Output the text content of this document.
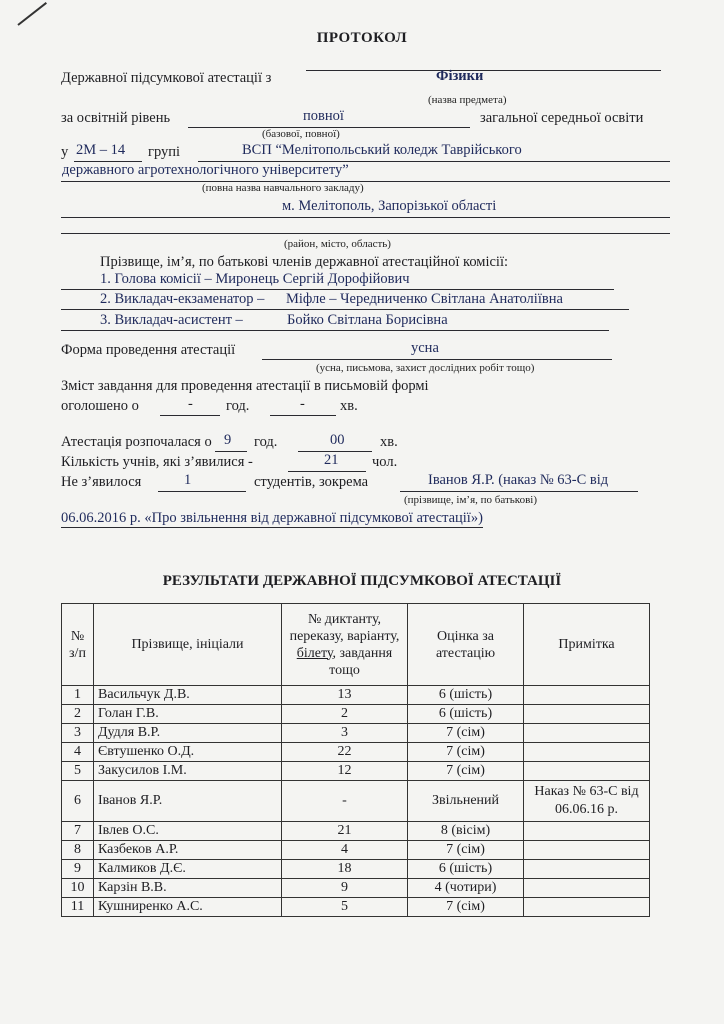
ПРОТОКОЛ
Державної підсумкової атестації з	Фізики
(назва предмета)
за освітній рівень	повної	загальної середньої освіти
(базової, повної)
у 2М – 14 групі	ВСП “Мелітопольський коледж Таврійського
державного агротехнологічного університету”
(повна назва навчального закладу)
м. Мелітополь, Запорізької області
(район, місто, область)
Прізвище, ім’я, по батькові членів державної атестаційної комісії:
1. Голова комісії – Миронець Сергій Дорофійович
2. Викладач-екзаменатор – Міфле – Чередниченко Світлана Анатоліївна
3. Викладач-асистент –	Бойко Світлана Борисівна
Форма проведення атестації	усна
(усна, письмова, захист дослідних робіт тощо)
Зміст завдання для проведення атестації в письмовій формі
оголошено о	- год.	- хв.
Атестація розпочалася о 9 год.	00 хв.
Кількість учнів, які з’явилися -	21 чол.
Не з’явилося	1	студентів, зокрема	Іванов Я.Р. (наказ № 63-С від
(прізвище, ім’я, по батькові)
06.06.2016 р. «Про звільнення від державної підсумкової атестації»)
РЕЗУЛЬТАТИ ДЕРЖАВНОЇ ПІДСУМКОВОЇ АТЕСТАЦІЇ
№ з/п	Прізвище, ініціали	№ диктанту, переказу, варіанту, білету, завдання тощо	Оцінка за атестацію	Примітка
1	Васильчук Д.В.	13	6 (шість)	
2	Голан Г.В.	2	6 (шість)	
3	Дудля В.Р.	3	7 (сім)	
4	Євтушенко О.Д.	22	7 (сім)	
5	Закусилов І.М.	12	7 (сім)	
6	Іванов Я.Р.	-	Звільнений	Наказ № 63-С від 06.06.16 р.
7	Івлев О.С.	21	8 (вісім)	
8	Казбеков А.Р.	4	7 (сім)	
9	Калмиков Д.Є.	18	6 (шість)	
10	Карзін В.В.	9	4 (чотири)	
11	Кушниренко А.С.	5	7 (сім)	
